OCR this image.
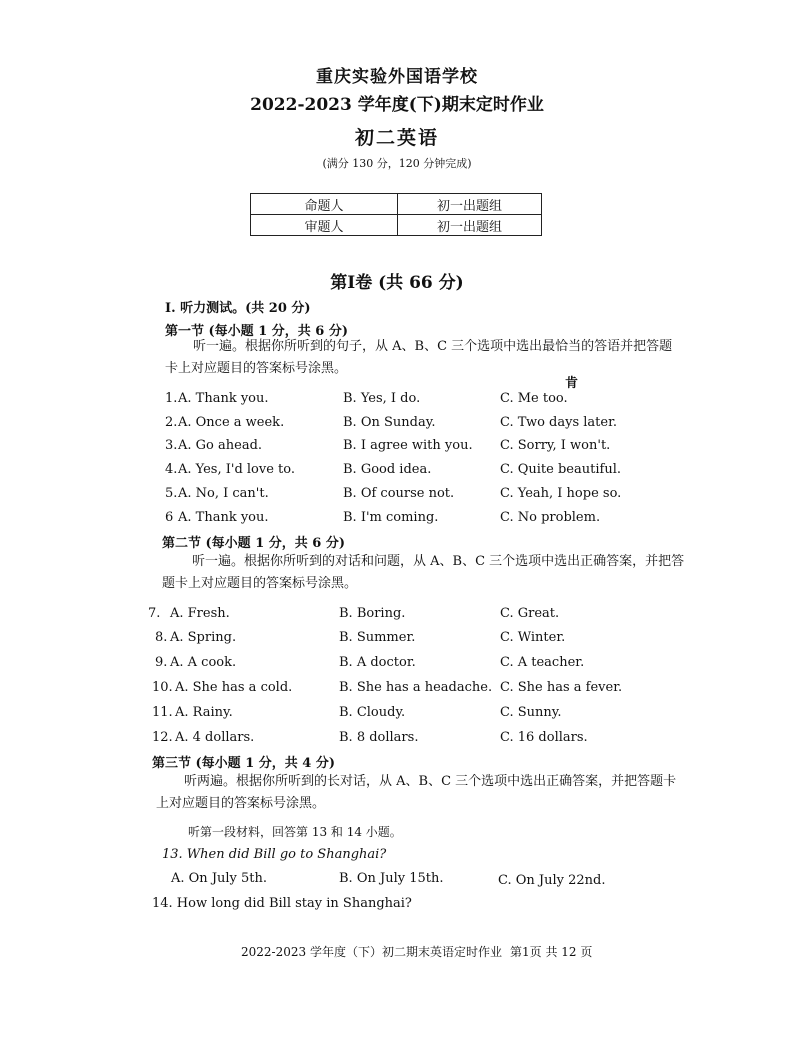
重庆实验外国语学校
2022-2023 学年度(下)期末定时作业
初二英语
(满分 130 分，120 分钟完成)
命题人	初一出题组
审题人	初一出题组
第Ⅰ卷 (共 66 分)
I. 听力测试。(共 20 分)
第一节 (每小题 1 分，共 6 分)
听一遍。根据你所听到的句子，从 A、B、C 三个选项中选出最恰当的答语并把答题卡上对应题目的答案标号涂黑。
1. A. Thank you.	B. Yes, I do.	C. Me too.
2. A. Once a week.	B. On Sunday.	C. Two days later.
3. A. Go ahead.	B. I agree with you. C. Sorry, I won't.
4. A. Yes, I'd love to.	B. Good idea.	C. Quite beautiful.
5. A. No, I can't.	B. Of course not.	C. Yeah, I hope so.
6 A. Thank you.	B. I'm coming.	C. No problem.
肯
第二节 (每小题 1 分，共 6 分)
听一遍。根据你所听到的对话和问题，从 A、B、C 三个选项中选出正确答案，并把答题卡上对应题目的答案标号涂黑。
7. A. Fresh.	B. Boring.	C. Great.
8. A. Spring.	B. Summer.	C. Winter.
9. A. A cook.	B. A doctor.	C. A teacher.
10. A. She has a cold.	B. She has a headache. C. She has a fever.
11. A. Rainy.	B. Cloudy.	C. Sunny.
12. A. 4 dollars.	B. 8 dollars.	C. 16 dollars.
第三节 (每小题 1 分，共 4 分)
听两遍。根据你所听到的长对话，从 A、B、C 三个选项中选出正确答案，并把答题卡上对应题目的答案标号涂黑。
听第一段材料，回答第 13 和 14 小题。
13. When did Bill go to Shanghai?
A. On July 5th.	B. On July 15th.	C. On July 22nd.
14. How long did Bill stay in Shanghai?
2022-2023 学年度（下）初二期末英语定时作业 第1页 共 12 页
